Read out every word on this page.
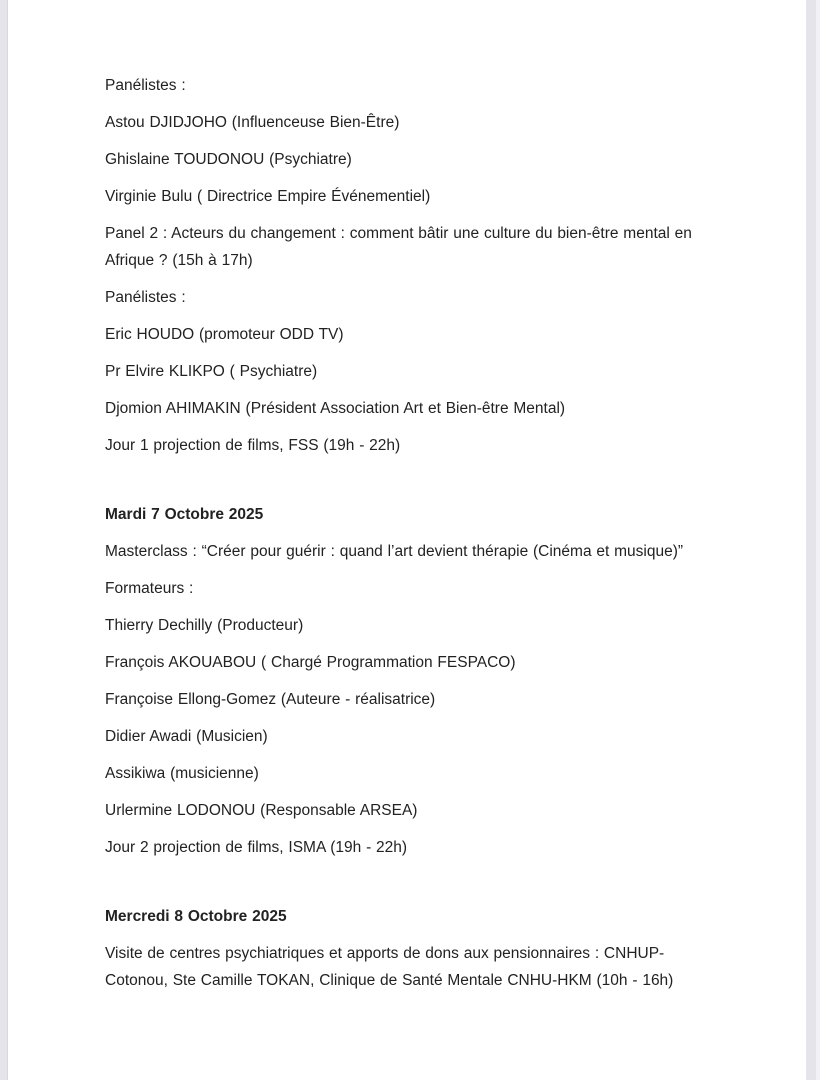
Panélistes :

Astou DJIDJOHO (Influenceuse Bien-Être)

Ghislaine TOUDONOU (Psychiatre)

Virginie Bulu ( Directrice Empire Événementiel)

Panel 2 : Acteurs du changement : comment bâtir une culture du bien-être mental en Afrique ? (15h à 17h)

Panélistes :

Eric HOUDO (promoteur ODD TV)

Pr Elvire KLIKPO ( Psychiatre)

Djomion AHIMAKIN (Président Association Art et Bien-être Mental)

Jour 1 projection de films, FSS (19h - 22h)

Mardi 7 Octobre 2025

Masterclass : “Créer pour guérir : quand l’art devient thérapie (Cinéma et musique)”

Formateurs :

Thierry Dechilly (Producteur)

François AKOUABOU ( Chargé Programmation FESPACO)

Françoise Ellong-Gomez (Auteure - réalisatrice)

Didier Awadi (Musicien)

Assikiwa (musicienne)

Urlermine LODONOU (Responsable ARSEA)

Jour 2 projection de films, ISMA (19h - 22h)

Mercredi 8 Octobre 2025

Visite de centres psychiatriques et apports de dons aux pensionnaires : CNHUP-Cotonou, Ste Camille TOKAN, Clinique de Santé Mentale CNHU-HKM (10h - 16h)
